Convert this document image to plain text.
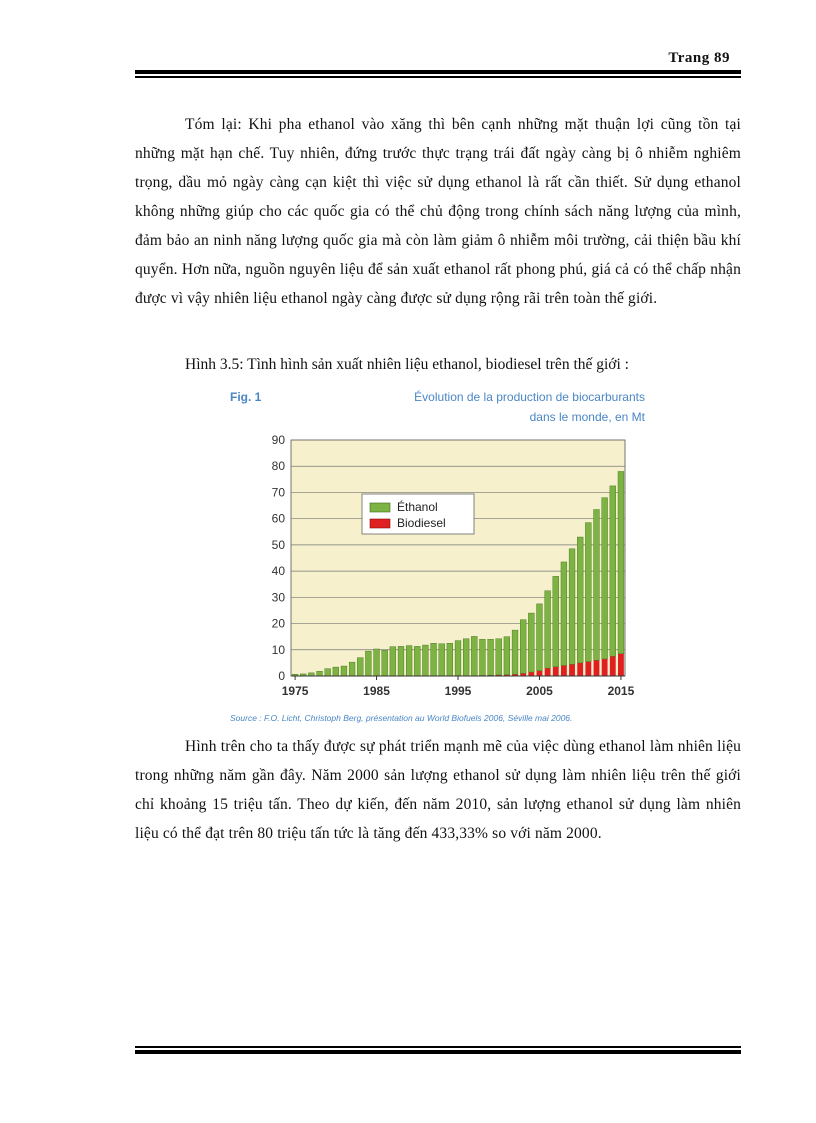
Trang 89

Tóm lại: Khi pha ethanol vào xăng thì bên cạnh những mặt thuận lợi cũng tồn tại những mặt hạn chế. Tuy nhiên, đứng trước thực trạng trái đất ngày càng bị ô nhiễm nghiêm trọng, dầu mỏ ngày càng cạn kiệt thì việc sử dụng ethanol là rất cần thiết. Sử dụng ethanol không những giúp cho các quốc gia có thể chủ động trong chính sách năng lượng của mình, đảm bảo an ninh năng lượng quốc gia mà còn làm giảm ô nhiễm môi trường, cải thiện bầu khí quyển. Hơn nữa, nguồn nguyên liệu để sản xuất ethanol rất phong phú, giá cả có thể chấp nhận được vì vậy nhiên liệu ethanol ngày càng được sử dụng rộng rãi trên toàn thế giới.

Hình 3.5: Tình hình sản xuất nhiên liệu ethanol, biodiesel trên thế giới :

Fig. 1	Évolution de la production de biocarburants
dans le monde, en Mt
0
10
20
30
40
50
60
70
80
90
1975	1985	1995	2005	2015
Éthanol
Biodiesel
Source : F.O. Licht, Christoph Berg, présentation au World Biofuels 2006, Séville mai 2006.

Hình trên cho ta thấy được sự phát triển mạnh mẽ của việc dùng ethanol làm nhiên liệu trong những năm gần đây. Năm 2000 sản lượng ethanol sử dụng làm nhiên liệu trên thế giới chỉ khoảng 15 triệu tấn. Theo dự kiến, đến năm 2010, sản lượng ethanol sử dụng làm nhiên liệu có thể đạt trên 80 triệu tấn tức là tăng đến 433,33% so với năm 2000.
